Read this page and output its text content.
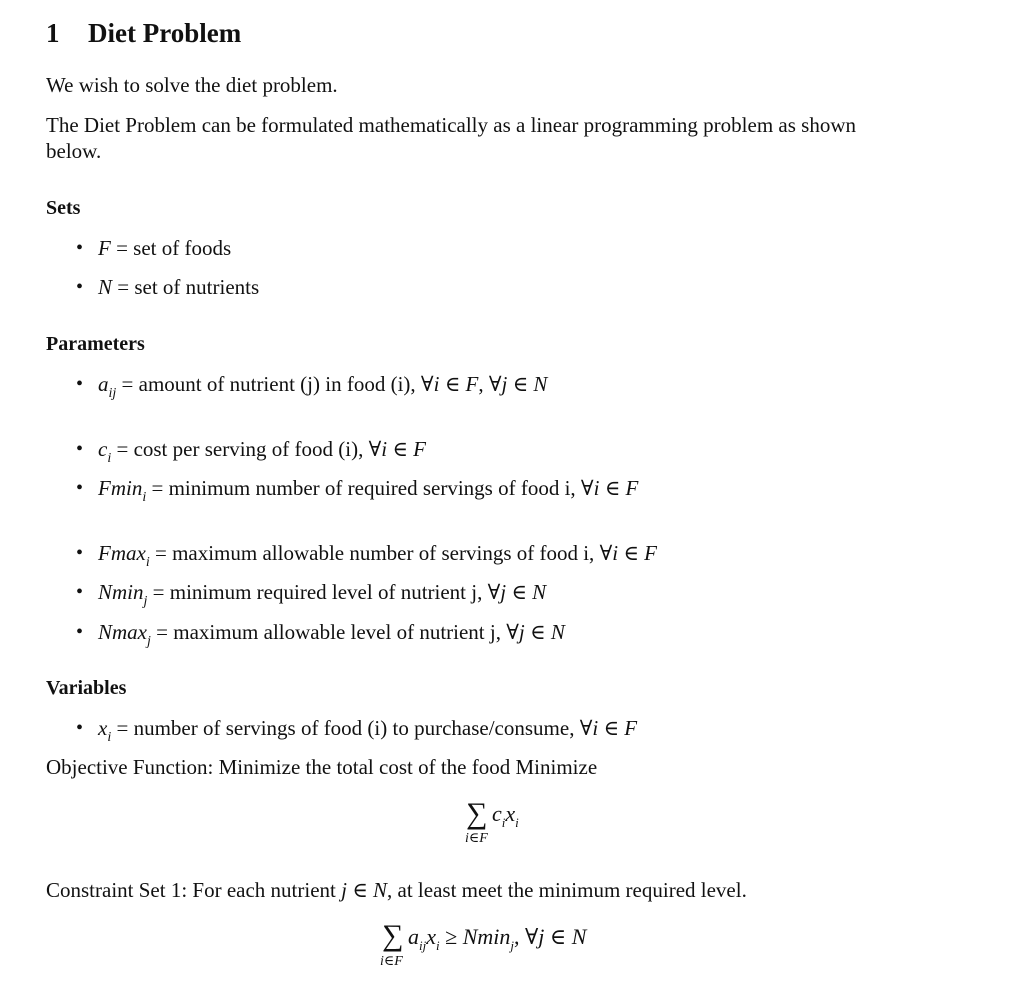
1 Diet Problem
We wish to solve the diet problem.
The Diet Problem can be formulated mathematically as a linear programming problem as shown
below.
Sets
• F = set of foods
• N = set of nutrients
Parameters
• $a_{ij}$ = amount of nutrient (j) in food (i), ∀i ∈ F, ∀j ∈ N
• $c_i = \cos t$ per serving of food (i), ∀i ∈ F
• Fmin$_i$ = minimum number of required servings of food i, ∀i ∈ F
• Fmax$_i$ = maximum allowable number of servings of food i, ∀i ∈ F
• Nmin$_j$ = minimum required level of nutrient j, ∀j ∈ N
• Nmax$_j$ = maximum allowable level of nutrient j, ∀j ∈ N
Variables
• $x_i$ = number of servings of food (i) to purchase/consume, ∀i ∈ F
Objective Function: Minimize the total cost of the food Minimize
∑ $c_ix_i$
i∈F
Constraint Set 1: For each nutrient j ∈ N, at least meet the minimum required level.
∑ $a_{ij}x_i \ge Nmin_j$, ∀j ∈ N
i∈F
